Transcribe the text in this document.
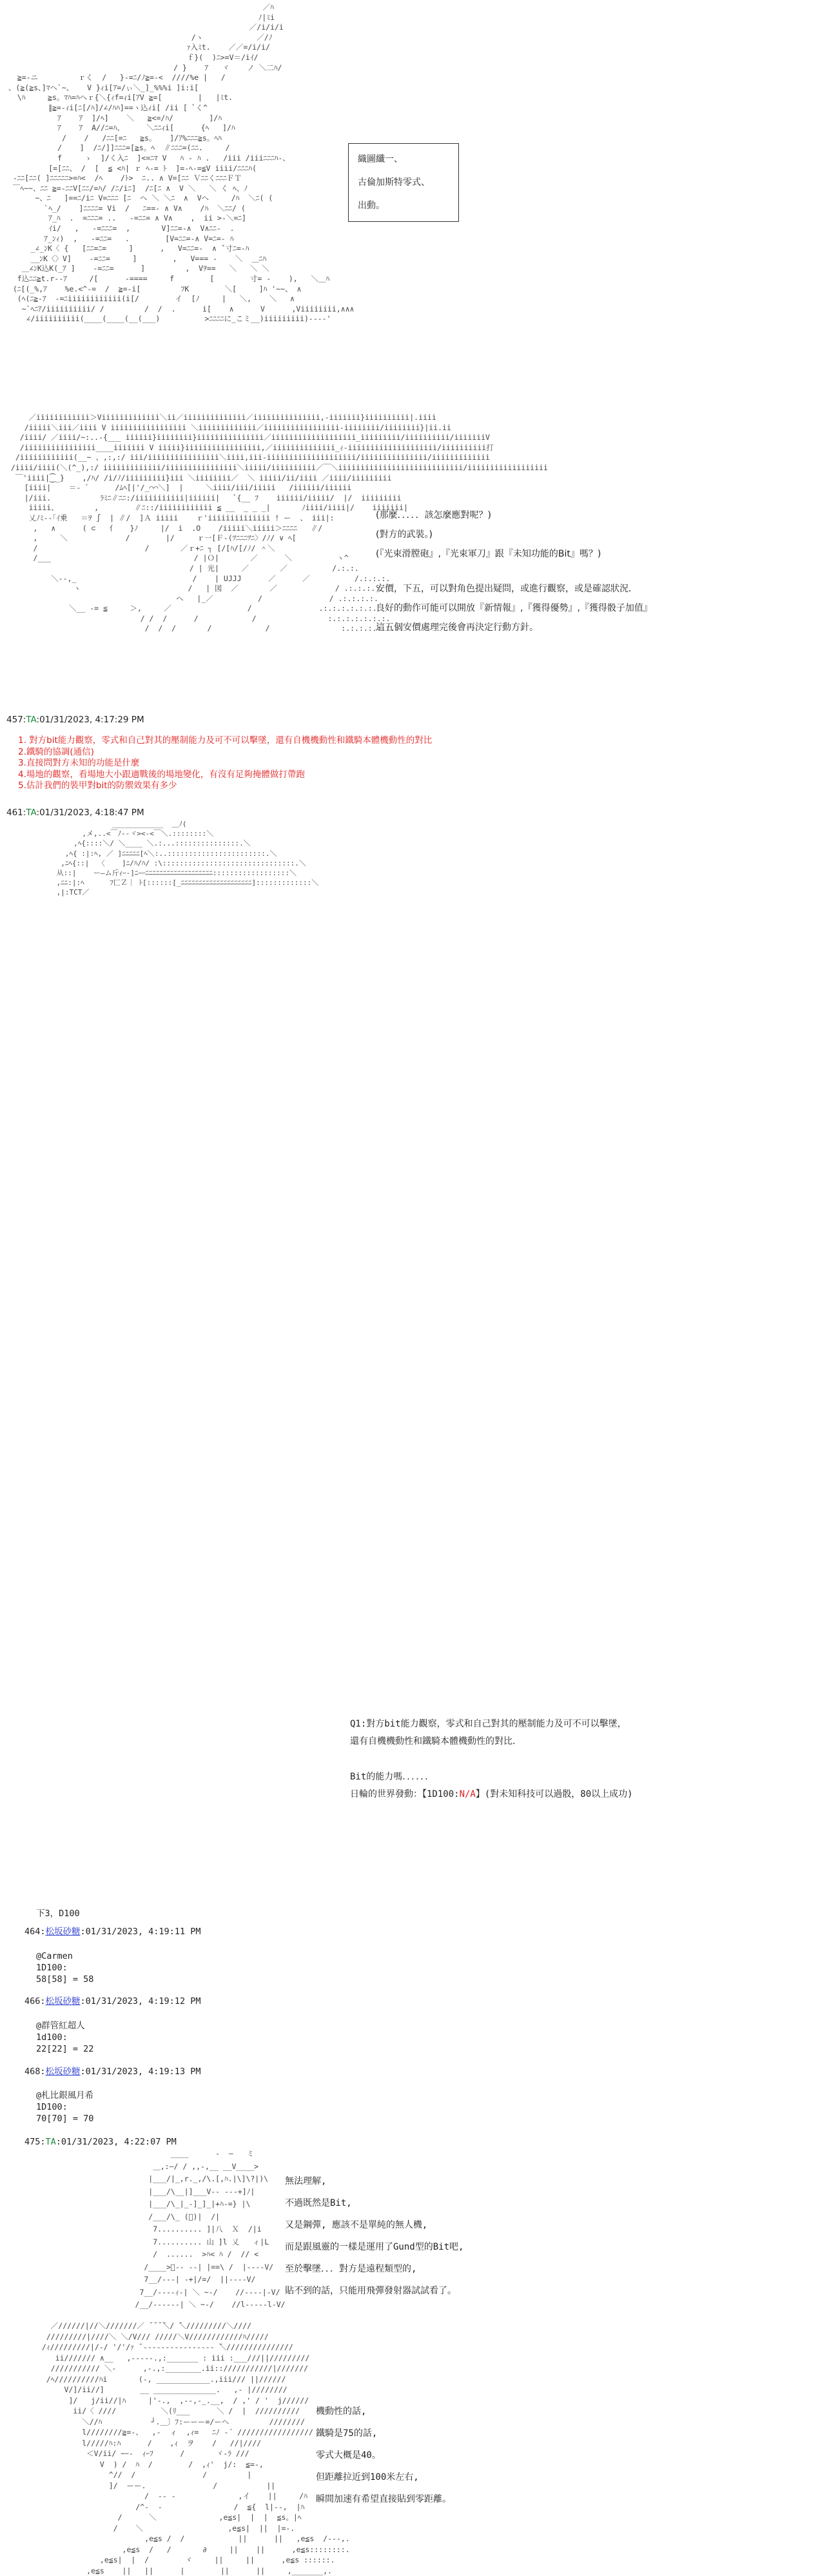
／ﾊ
ﾉ|ﾐi
／/i/i/i
/ヽ            ／/ﾉ
ｧ入ﾐt.    ／／=/i/i/
ｆ}(  )ﾆ>=V＝/iｲ/
/ }    ｱ   ヾ    ノ ＼二ﾊ/
≧=-ニ         ｒく  /   }-=ﾆ/ﾉ≧=-<  ////%e |   /
、(≧(≧s、]ﾏヘ`~、   V }ｨi[ｱ=/ぃ＼_]_%%%i ]i:i[
\ﾊ     ≧s。ﾏﾊ=ﾊヘｒ{＼{ｨf=ｨi[ｱV ≧=[        |   |ﾐt.
∥≧=-ｨi[ﾆ[/ﾊ]/∠/ﾊﾊ]==ヽ込ｨi[ /ii [ ﾞく^
ｱ    ｱ  ]/ﾍ]    ＼   ≧<=/ﾊ/        ]/ﾊ
ｱ    ｱ  A//ﾆ=ﾊ、     ＼ﾆﾆｨi[      {ﾍ   ]/ﾊ
/    /   /ﾆﾆ[=ﾆ   ≧s。   ]/ｱ%ﾆﾆﾆ≧s。ﾍﾊ
/    ]  /ﾆ/]]ﾆﾆﾆ=[≧s。ﾍ  ∥ﾆﾆﾆ=(ﾆﾆ.     /
f     ゝ  ]/く入ﾆ  ]<=ﾆﾏ V   ﾊ - ﾊ .   /iii /iiiﾆﾆﾆﾊ-、
[=[ﾆﾆ、 /  [  ≦ <ﾊ| ｒ ﾍ-= ﾄ  ]=-ﾍ-=≦V iiii/ﾆﾆﾆﾊ(
-ﾆﾆ[ﾆﾆ( ]ﾆﾆﾆﾆﾆ>=ﾊ<  /ﾍ    /ﾄ>  ﾆ.. ∧ V=[ﾆﾆ ＶﾆﾆくﾆﾆﾆＦＴ
￣ﾍ~~、ﾆﾆ ≧=-ﾆﾆV[ﾆﾆ/=ﾊ/ /ﾆ/iﾆ]  /ﾆ[ﾆ ∧  V ＼   ＼ く ﾍ、ﾉ
~、ﾆ   ]==ﾆ/iﾆ V=ﾆﾆﾆ [ﾆ  ヘ ＼ ＼ﾆ  ∧  Vヘ     /ﾊ  ＼ﾆ( (
`ﾍ_/    ]ﾆﾆﾆﾆ= Vi  /   ﾆ==- ∧ V∧    /ﾊ  ＼ﾆﾆ/ (
ｱ_ﾊ  .  =ﾆﾆﾆ= ..   -=ﾆﾆ= ∧ V∧    ,  ii >-＼=ﾆ]
ｲi/   ,   -=ﾆﾆﾆ=  ,       V]ﾆﾆ=-∧  V∧ﾆﾆ-  .
ｱ_ﾝｨ)  ,   -=ﾆﾆ=   .        [V=ﾆﾆ=-∧ V=ﾆ=- ﾊ
_∠_ﾝK〈 {   [ﾆﾆ=ﾆ=     ]      ,   V=ﾆﾆ=-  ∧ ˇ寸ﾆ=-ﾊ
__ﾝK〈〉V]    -=ﾆﾆ=     ]        ,   V=== -    ＼  ＿ﾆﾊ
＿∠ﾝK込K(_ｱ ]    -=ﾆﾆ=      ]         ,  Vｦ==   ＼   ＼ ＼
f込ﾆﾆ≧t.r--ｱ     /[      -====     f        [        寸= -    ),   ＼＿ﾊ
(ﾆ[(_%,ｱ    %e.<^-=  /  ≧=-i[         ﾌK        ＼[     ]ﾊ '~~、 ∧
(ﾍ(ﾆ≧-ｱ  -=ﾆiiiiiiiiiiii(i[/        イ  [ﾉ     |   ＼,    ＼   ∧
~`ﾍﾆｱ/iiiiiiiiii/ /         /  /  .      i[    ∧      V      ,Viiiiiiii,∧∧∧
∠/iiiiiiiiii(____(____(__(___)          >ﾆﾆﾆﾆに_こミ__)iiiiiiiii)----'
織圖纖一、
古倫加斯特零式、
出動。
／iiiiiiiiiiii＞Viiiiiiiiiiiii＼ii／iiiiiiiiiiiiii／iiiiiiiiiiiiiii,-iiiiiii}iiiiiiiiii|.iiii
/iiiii＼iii／iiii V iiiiiiiiiiiiiiiii ＼iiiiiiiiiiiii／iiiiiiiiiiiiiiiii-iiiiiiii/iiiiiiii}|ii.ii
/iiii/ ／iiii/~:..-{___ iiiiii}iiiiiiii}iiiiiiiiiiiiiii／iiiiiiiiiiiiiiiiiii_iiiiiiiii/iiiiiiiiii/iiiiiiiV
/iiiiiiiiiiiiiiii____iiiiiii V iiiii}iiiiiiiiiiiiiiiii,／iiiiiiiiiiiiii_ｨ-iiiiiiiiiiiiiiiiiiii/iiiiiiiiii打
/iiiiiiiiiiii(__~ 、,:,:/ iii/iiiiiiiiiiiiiiii＼iiii,iii-iiiiiiiiiiiiiiiiiiii/iiiiiiiiiiiiiii/iiiiiiiiiiiii
/iiii/iiii(＼(^_),:/ iiiiiiiiiiiii/iiiiiiiiiiiiiiii＼iiiii/iiiiiiiiii／￣＼iiiiiiiiiiiiiiiiiiiiiiiiiiii/iiiiiiiiiiiiiiiiii
￣'iiii|⁐_}    ,/ﾊ/ /i/ﾉ/iiiiiiiii}iii ＼iiiiiiii／  ＼ iiiii/ii/iiii ／iiii/iiiiiiiii
[iiii|    ＝‐ ゛     /ﾑﾍ[|'/_⌒⌒＼]  |     ＼iiii/iii/iiiii   /iiiiii/iiiiii
|/iii.           ﾗﾐﾆ∥ﾆﾆ:/iiiiiiiiiii|iiiiii|   ﾞ{__ ﾌ    iiiiii/iiiii/  |/  iiiiiiiii
iiiii、        ,        ∥ﾆ::/iiiiiiiiiiii ≦ __  _ _ _|       ﾉiiii/iiii|/    iiiiiii|
乂ﾉﾐ--｢ｲ乗   ＝ｦ ∫  | ∥/  ]Ａ iiiii    ｒ'iiiiiiiiiiiiii ! ー  、 iii|:
,   ∧      ( ⊂   ⺅   }ﾉ     |/  i  .O    /iiiii＼iiiii＞ﾆﾆﾆﾆ   ∥/
,     ＼             /        |/     ｒ一[Ｆ-(ﾂﾆﾆﾆﾂﾆ〉/ﾉ/ ∨ ﾍ[
/                        /       ／ｒ+ﾆ ┐ [/[ﾊ/[/ﾉ/ ＾＼
/___                                / |Ｏ|       ／      ＼          ヽ^
/ | 光|     ／       ／          /.:.:.
＼--,_                          /    | UJJJ      ／      ／          /.:.:.:.
ヽ                        /   | 図  ／       ／             / .:.:.:.:
ヘ   |_／          /               / .:.:.:.:.
＼__ -= ≦     ＞,     ／                 /               .:.:.:.:.:.:.
/ /  /      /            /                :.:.:.:.:.:.:.
/  /  /       /            /                :.:.:.:.:.:.:.
(那麼．．．．．該怎麼應對呢？)
(對方的武裝。)
(『光束滑膛砲』,『光束軍刀』跟『未知功能的Bit』嗎？)
安價，下五，可以對角色提出疑問，或進行觀察，或是確認狀況．
良好的動作可能可以開放『新情報』,『獲得優勢』,『獲得骰子加值』
這五個安價處理完後會再決定行動方針。
457:TA:01/31/2023, 4:17:29 PM
1. 對方bit能力觀察，零式和自己對其的壓制能力及可不可以擊墜，還有自機機動性和鐵騎本體機動性的對比
2.鐵騎的協調(通信)
3.直接問對方未知的功能是什麼
4.場地的觀察，看場地大小跟適戰後的場地變化，有沒有足夠掩體做打帶跑
5.估計我們的裝甲對bit的防禦效果有多少
461:TA:01/31/2023, 4:18:47 PM
____________  ＿ﾉ(
,メ,..<￣ﾉ--ヾ><-<￣＼.::::::::＼
,ﾍ{::::＼/ ＼____ ＼.:...:::::::::::::::.＼
,ﾍ{ :|:ﾍ, ／ ]ﾆﾆﾆﾆﾆ[ﾍ＼:..:::::::::::::::::::::::.＼
,ﾆﾍ{::|  〈    ]ﾆ/ﾊ/ﾊ/ :\:::::::::::::::::::::::::::::::.＼
从::|    ー―ム斤ｨｰ-]ﾆｰｰﾆﾆﾆﾆﾆﾆﾆﾆﾆﾆﾆﾆﾆﾆﾆﾆﾆﾆﾆ::::::::::::::::::＼
,ﾆﾆ:|:ﾍ      ﾌ匚Ｚ｜ ﾄ[::::::[_ﾆﾆﾆﾆﾆﾆﾆﾆﾆﾆﾆﾆﾆﾆﾆﾆﾆﾆﾆﾆ]:::::::::::::＼
,|:TCT／

Q1:對方bit能力觀察，零式和自己對其的壓制能力及可不可以擊墜，
還有自機機動性和鐵騎本體機動性的對比．
Bit的能力嗎．．．．．．
日輪的世界發動：【1D100:N/A】(對未知科技可以過骰，80以上成功)

下3，D100

464:松坂砂糖:01/31/2023, 4:19:11 PM

@Carmen
1D100:
58[58] = 58

466:松坂砂糖:01/31/2023, 4:19:12 PM

@群管紅超人
1d100:
22[22] = 22

468:松坂砂糖:01/31/2023, 4:19:13 PM

@札比銀風月希
1D100:
70[70] = 70

475:TA:01/31/2023, 4:22:07 PM

____      -  ―   ミ
＿,:―/ ∕ ,,-,__ __V____>
|___/|_,r._,/\.[,ﾊ.|\]\?|)\
|___/\__|]___V-- ---+]ﾉ|
|___/\_|_-]_]_|+ﾊ-=} |\
/___/\_ (ﾞ)|  /|
7.......... ]|八  Ｘ  /|i
7.......... 山 ]l 乂   ィ|L
/  ......  >ﾊ< ﾊ /  // <
/____>ﾞ-- --| |==\ /  |----V/
7__/---| -+|/=/  ||----V/
7__/----ｨ-| ＼ ~-/    //----|-V/
/__/------| ＼ ~-/    //l-----l-V/

無法理解,
不過既然是Bit,
又是鋼彈, 應該不是單純的無人機,
而是跟風靈的一樣是運用了Gund型的Bit吧,
至於擊墜．．．對方是遠程類型的,
貼不到的話，只能用飛彈發射器試試看了。

／//////|//＼///////／ ̄ ̄ ̄ ̄＼/ ̄＼/////////＼////
/////////|////＼ ＼/V/// /////＼V////////////ﾊ/////
/ｨ/////////|/-/ '/'/ｧ ̄ ---------------- ̄＼///////////////
ii/////// ∧__   ,-----.,:_______ : iii :___///||/////////
/////////// ＼-      ,-.,:________.ii::///////////|///////
/ﾍ//////////ﾊi       (-, ____________.,iii/// ||//////
V/]/ii//]        __ ______________.   ,- |////////
]/   j/ii//|ﾊ     |'-.,  ,--,-_.__,  / ,' / '  j//////
ii/〈 ////          ＼(ﾘ___      ＼ /  |  //////////
＼//ﾊ           ┘.＿〕ﾌ:ーーー=/ーヘ         ////////
l////////≧=-、  ,-  ィ  ,ｨ=   ﾆﾉ -´ /////////////////
l/////ﾊ:ﾊ      /    ,ｨ  ヲ    /   //|////
＜V/ii/ ~ｰ-  ｨｰﾌ      /       ヾ-ﾗ ///
V  ) /  ﾊ  /        /  ,ｨ'  j/:  ≦=-,
^//  /               /         |
]/  ーー.               /           ||
/  -- -              ,イ    ||     /ﾊ
/^-  -                /  ≦{  l|--,  |ﾊ
/      ＼              ,e≦s|  |  |  ≦s。|ﾍ
/    ＼                   ,e≦s|  ||  |=-.
,e≦s /  /            ||      ||   ,e≦s  /---,.
,e≦s  /   /       ∂     ||    ||      ,e≦s::::::::.
,e≦s|  |  /        ヾ     ||     ||      ,e≦s ::::::.
,e≦s    ||   ||      |        ||      ||     ,_______,.

機動性的話,
鐵騎是75的話,
零式大概是40。
但距離拉近到100米左右,
瞬間加速有希望直接貼到零距離。
